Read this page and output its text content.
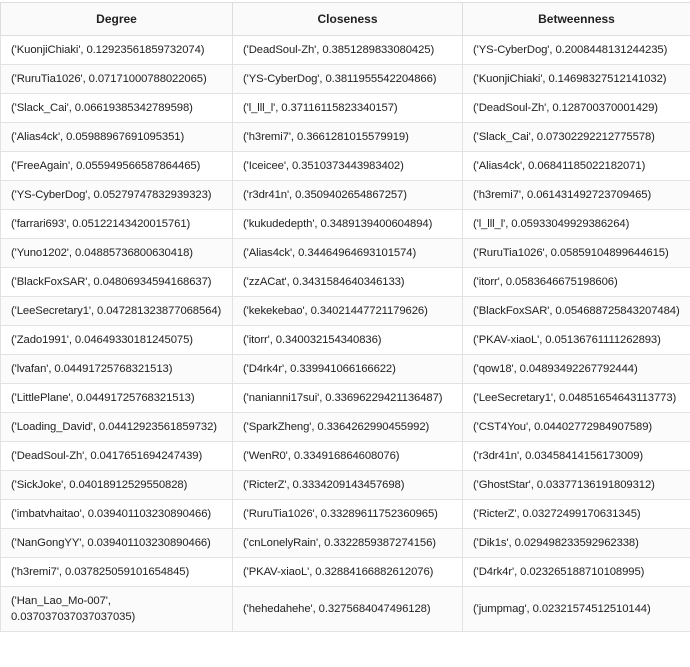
Degree	Closeness	Betweenness
('KuonjiChiaki', 0.12923561859732074)	('DeadSoul-Zh', 0.3851289833080425)	('YS-CyberDog', 0.2008448131244235)
('RuruTia1026', 0.07171000788022065)	('YS-CyberDog', 0.3811955542204866)	('KuonjiChiaki', 0.14698327512141032)
('Slack_Cai', 0.06619385342789598)	('l_lll_l', 0.37116115823340157)	('DeadSoul-Zh', 0.128700370001429)
('Alias4ck', 0.05988967691095351)	('h3remi7', 0.3661281015579919)	('Slack_Cai', 0.07302292212775578)
('FreeAgain', 0.055949566587864465)	('Iceicee', 0.3510373443983402)	('Alias4ck', 0.06841185022182071)
('YS-CyberDog', 0.05279747832939323)	('r3dr41n', 0.3509402654867257)	('h3remi7', 0.061431492723709465)
('farrari693', 0.05122143420015761)	('kukudedepth', 0.3489139400604894)	('l_lll_l', 0.05933049929386264)
('Yuno1202', 0.04885736800630418)	('Alias4ck', 0.34464964693101574)	('RuruTia1026', 0.05859104899644615)
('BlackFoxSAR', 0.04806934594168637)	('zzACat', 0.3431584640346133)	('itorr', 0.0583646675198606)
('LeeSecretary1', 0.047281323877068564)	('kekekebao', 0.34021447721179626)	('BlackFoxSAR', 0.054688725843207484)
('Zado1991', 0.04649330181245075)	('itorr', 0.340032154340836)	('PKAV-xiaoL', 0.05136761111262893)
('lvafan', 0.04491725768321513)	('D4rk4r', 0.339941066166622)	('qow18', 0.04893492267792444)
('LittlePlane', 0.04491725768321513)	('nanianni17sui', 0.33696229421136487)	('LeeSecretary1', 0.04851654643113773)
('Loading_David', 0.04412923561859732)	('SparkZheng', 0.3364262990455992)	('CST4You', 0.04402772984907589)
('DeadSoul-Zh', 0.0417651694247439)	('WenR0', 0.334916864608076)	('r3dr41n', 0.03458414156173009)
('SickJoke', 0.04018912529550828)	('RicterZ', 0.3334209143457698)	('GhostStar', 0.03377136191809312)
('imbatvhaitao', 0.039401103230890466)	('RuruTia1026', 0.33289611752360965)	('RicterZ', 0.03272499170631345)
('NanGongYY', 0.039401103230890466)	('cnLonelyRain', 0.3322859387274156)	('Dik1s', 0.029498233592962338)
('h3remi7', 0.037825059101654845)	('PKAV-xiaoL', 0.32884166882612076)	('D4rk4r', 0.023265188710108995)
('Han_Lao_Mo-007', 0.037037037037037035)	('hehedahehe', 0.3275684047496128)	('jumpmag', 0.02321574512510144)
